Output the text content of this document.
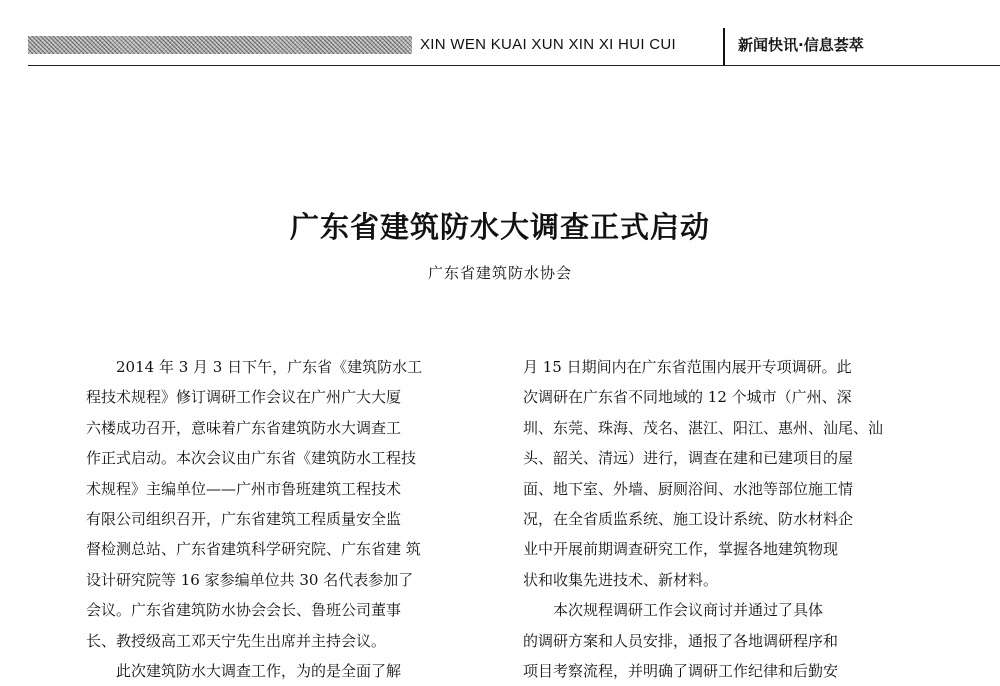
XIN WEN KUAI XUN XIN XI HUI CUI	新闻快讯·信息荟萃
广东省建筑防水大调查正式启动
广东省建筑防水协会
2014 年 3 月 3 日下午，广东省《建筑防水工
程技术规程》修订调研工作会议在广州广大大厦
六楼成功召开，意味着广东省建筑防水大调查工
作正式启动。本次会议由广东省《建筑防水工程技
术规程》主编单位——广州市鲁班建筑工程技术
有限公司组织召开，广东省建筑工程质量安全监
督检测总站、广东省建筑科学研究院、广东省建 筑
设计研究院等 16 家参编单位共 30 名代表参加了
会议。广东省建筑防水协会会长、鲁班公司董事
长、教授级高工邓天宁先生出席并主持会议。
此次建筑防水大调查工作，为的是全面了解
月 15 日期间内在广东省范围内展开专项调研。此
次调研在广东省不同地域的 12 个城市（广州、深
圳、东莞、珠海、茂名、湛江、阳江、惠州、汕尾、汕
头、韶关、清远）进行，调查在建和已建项目的屋
面、地下室、外墙、厨厕浴间、水池等部位施工情
况，在全省质监系统、施工设计系统、防水材料企
业中开展前期调查研究工作，掌握各地建筑物现
状和收集先进技术、新材料。
本次规程调研工作会议商讨并通过了具体
的调研方案和人员安排，通报了各地调研程序和
项目考察流程，并明确了调研工作纪律和后勤安
